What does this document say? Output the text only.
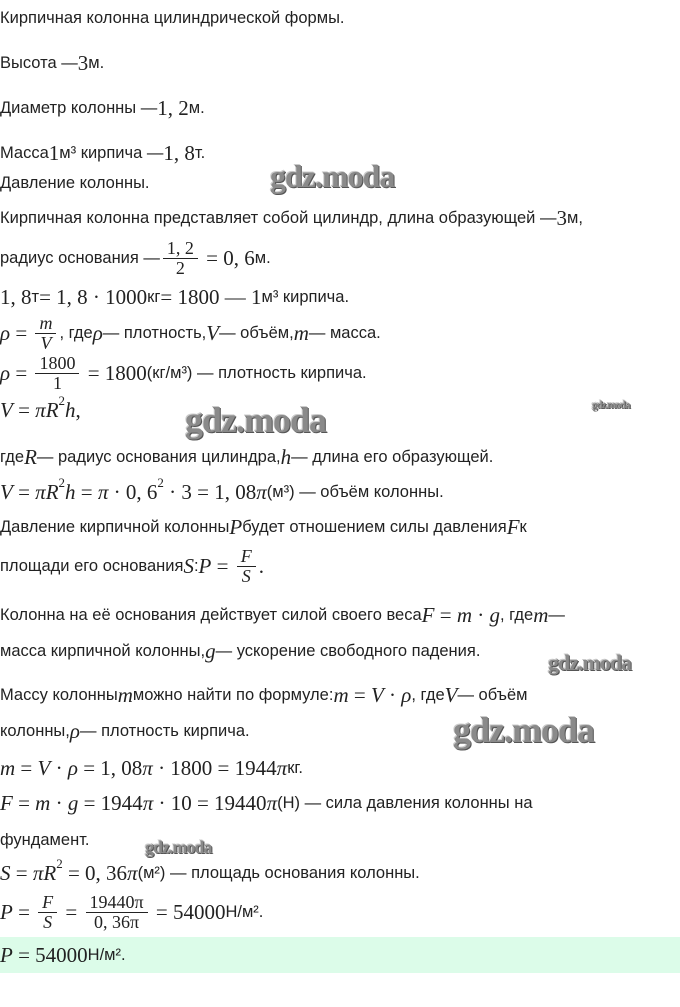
Кирпичная колонна цилиндрической формы.
Высота — 3 м.
Диаметр колонны — 1, 2 м.
Масса 1 м³ кирпича — 1, 8 т.
Давление колонны.
Кирпичная колонна представляет собой цилиндр, длина образующей — 3 м,
радиус основания — $\frac{1, 2}{2} = 0$, 6 м.
1, 8 т = 1, 8 · 1000 кг = 1800 — 1 м³ кирпича.
$\rho = \frac{m}{V}$ , где ρ — плотность, V — объём, m — масса.
$\rho = \frac{1800}{1} = 1800$ (кг/м³) — плотность кирпича.
V = πR 2 h ,
где R — радиус основания цилиндра, h — длина его образующей.
V = πR 2 h = π · 0, 6 2 · 3 = 1, 08 π (м³) — объём колонны.
Давление кирпичной колонны P будет отношением силы давления F к
площади его основания S : $P = \frac{F}{S}$ .
Колонна на её основания действует силой своего веса F = m · g , где m —
масса кирпичной колонны, g — ускорение свободного падения.
Массу колонны m можно найти по формуле: m = V · ρ , где V — объём
колонны, ρ — плотность кирпича.
m = V · ρ = 1, 08 π · 1800 = 1944 π кг.
F = m · g = 1944 π · 10 = 19440 π (Н) — сила давления колонны на
фундамент.
S = πR 2 = 0, 36 π (м²) — площадь основания колонны.
$P = \frac{F}{S} = \frac{19440\pi}{0, 36\pi} = 54000$ Н/м².
P = 54000 Н/м².
gdz.moda
gdz.moda
gdz.moda
gdz.moda
gdz.moda
gdz.moda
